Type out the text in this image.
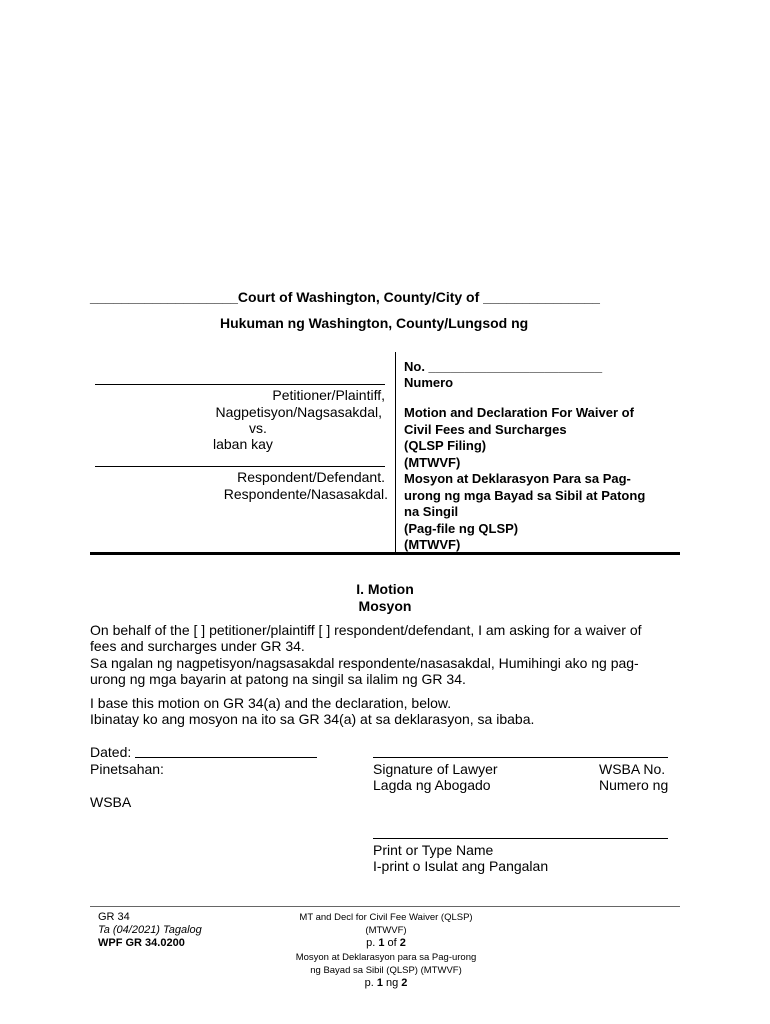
___________________Court of Washington, County/City of _______________
Hukuman ng Washington, County/Lungsod ng
Petitioner/Plaintiff,
Nagpetisyon/Nagsasakdal,
vs.
laban kay
Respondent/Defendant.
Respondente/Nasasakdal.
No. ________________________
Numero
Motion and Declaration For Waiver of
Civil Fees and Surcharges
(QLSP Filing)
(MTWVF)
Mosyon at Deklarasyon Para sa Pag-
urong ng mga Bayad sa Sibil at Patong
na Singil
(Pag-file ng QLSP)
(MTWVF)
I. Motion
Mosyon
On behalf of the [ ] petitioner/plaintiff [ ] respondent/defendant, I am asking for a waiver of
fees and surcharges under GR 34.
Sa ngalan ng nagpetisyon/nagsasakdal respondente/nasasakdal, Humihingi ako ng pag-
urong ng mga bayarin at patong na singil sa ilalim ng GR 34.
I base this motion on GR 34(a) and the declaration, below.
Ibinatay ko ang mosyon na ito sa GR 34(a) at sa deklarasyon, sa ibaba.
Dated:
Pinetsahan:
WSBA
Signature of Lawyer
Lagda ng Abogado
WSBA No.
Numero ng
Print or Type Name
I-print o Isulat ang Pangalan
GR 34
Ta (04/2021) Tagalog
WPF GR 34.0200
MT and Decl for Civil Fee Waiver (QLSP)
(MTWVF)
p. 1 of 2
Mosyon at Deklarasyon para sa Pag-urong
ng Bayad sa Sibil (QLSP) (MTWVF)
p. 1 ng 2
